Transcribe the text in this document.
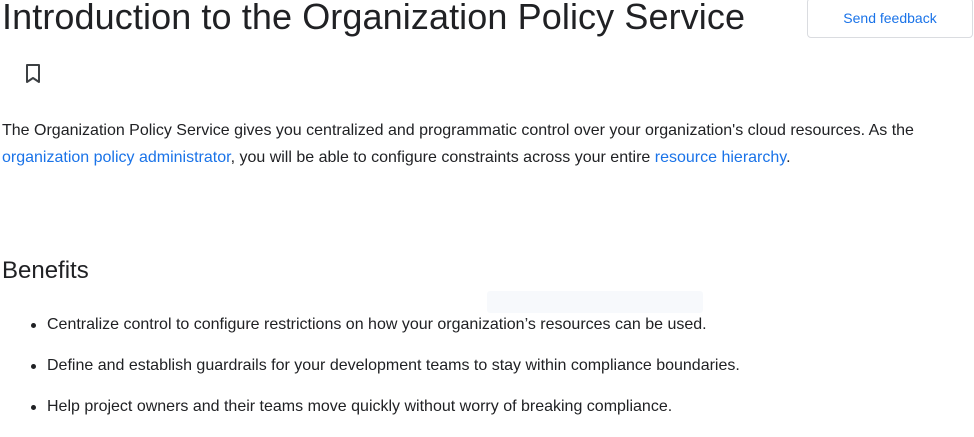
Introduction to the Organization Policy Service	Send feedback

The Organization Policy Service gives you centralized and programmatic control over your organization's cloud resources. As the organization policy administrator, you will be able to configure constraints across your entire resource hierarchy.

Benefits
Centralize control to configure restrictions on how your organization’s resources can be used.
Define and establish guardrails for your development teams to stay within compliance boundaries.
Help project owners and their teams move quickly without worry of breaking compliance.
